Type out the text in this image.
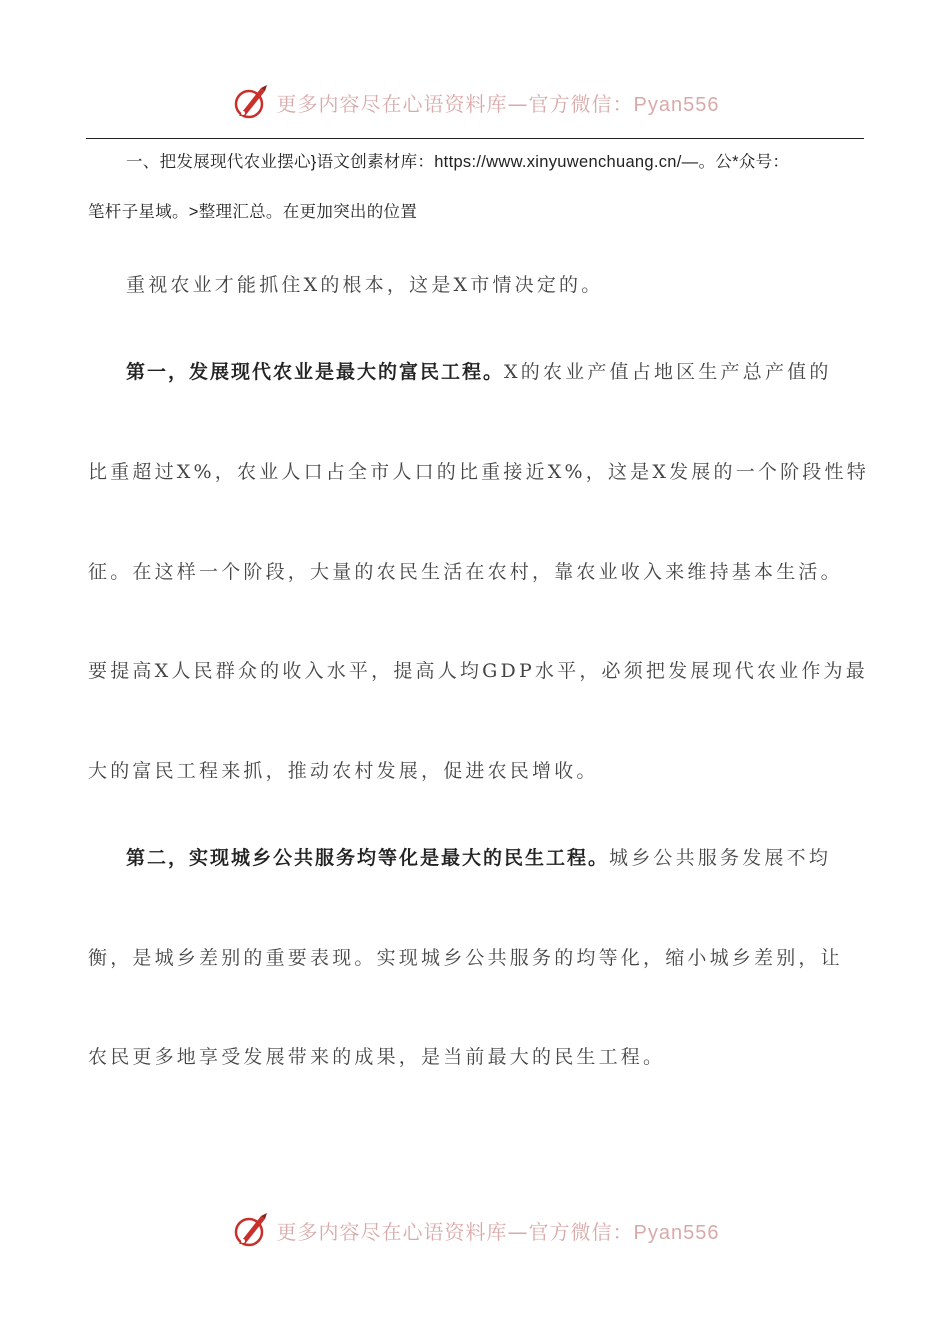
更多内容尽在心语资料库—官方微信：Pyan556
一、把发展现代农业摆心}语文创素材库：https://www.xinyuwenchuang.cn/—。公*众号：
笔杆子星域。>整理汇总。在更加突出的位置
重视农业才能抓住X的根本，这是X市情决定的。
第一，发展现代农业是最大的富民工程。X的农业产值占地区生产总产值的
比重超过X%，农业人口占全市人口的比重接近X%，这是X发展的一个阶段性特
征。在这样一个阶段，大量的农民生活在农村，靠农业收入来维持基本生活。
要提高X人民群众的收入水平，提高人均GDP水平，必须把发展现代农业作为最
大的富民工程来抓，推动农村发展，促进农民增收。
第二，实现城乡公共服务均等化是最大的民生工程。城乡公共服务发展不均
衡，是城乡差别的重要表现。实现城乡公共服务的均等化，缩小城乡差别，让
农民更多地享受发展带来的成果，是当前最大的民生工程。
更多内容尽在心语资料库—官方微信：Pyan556
